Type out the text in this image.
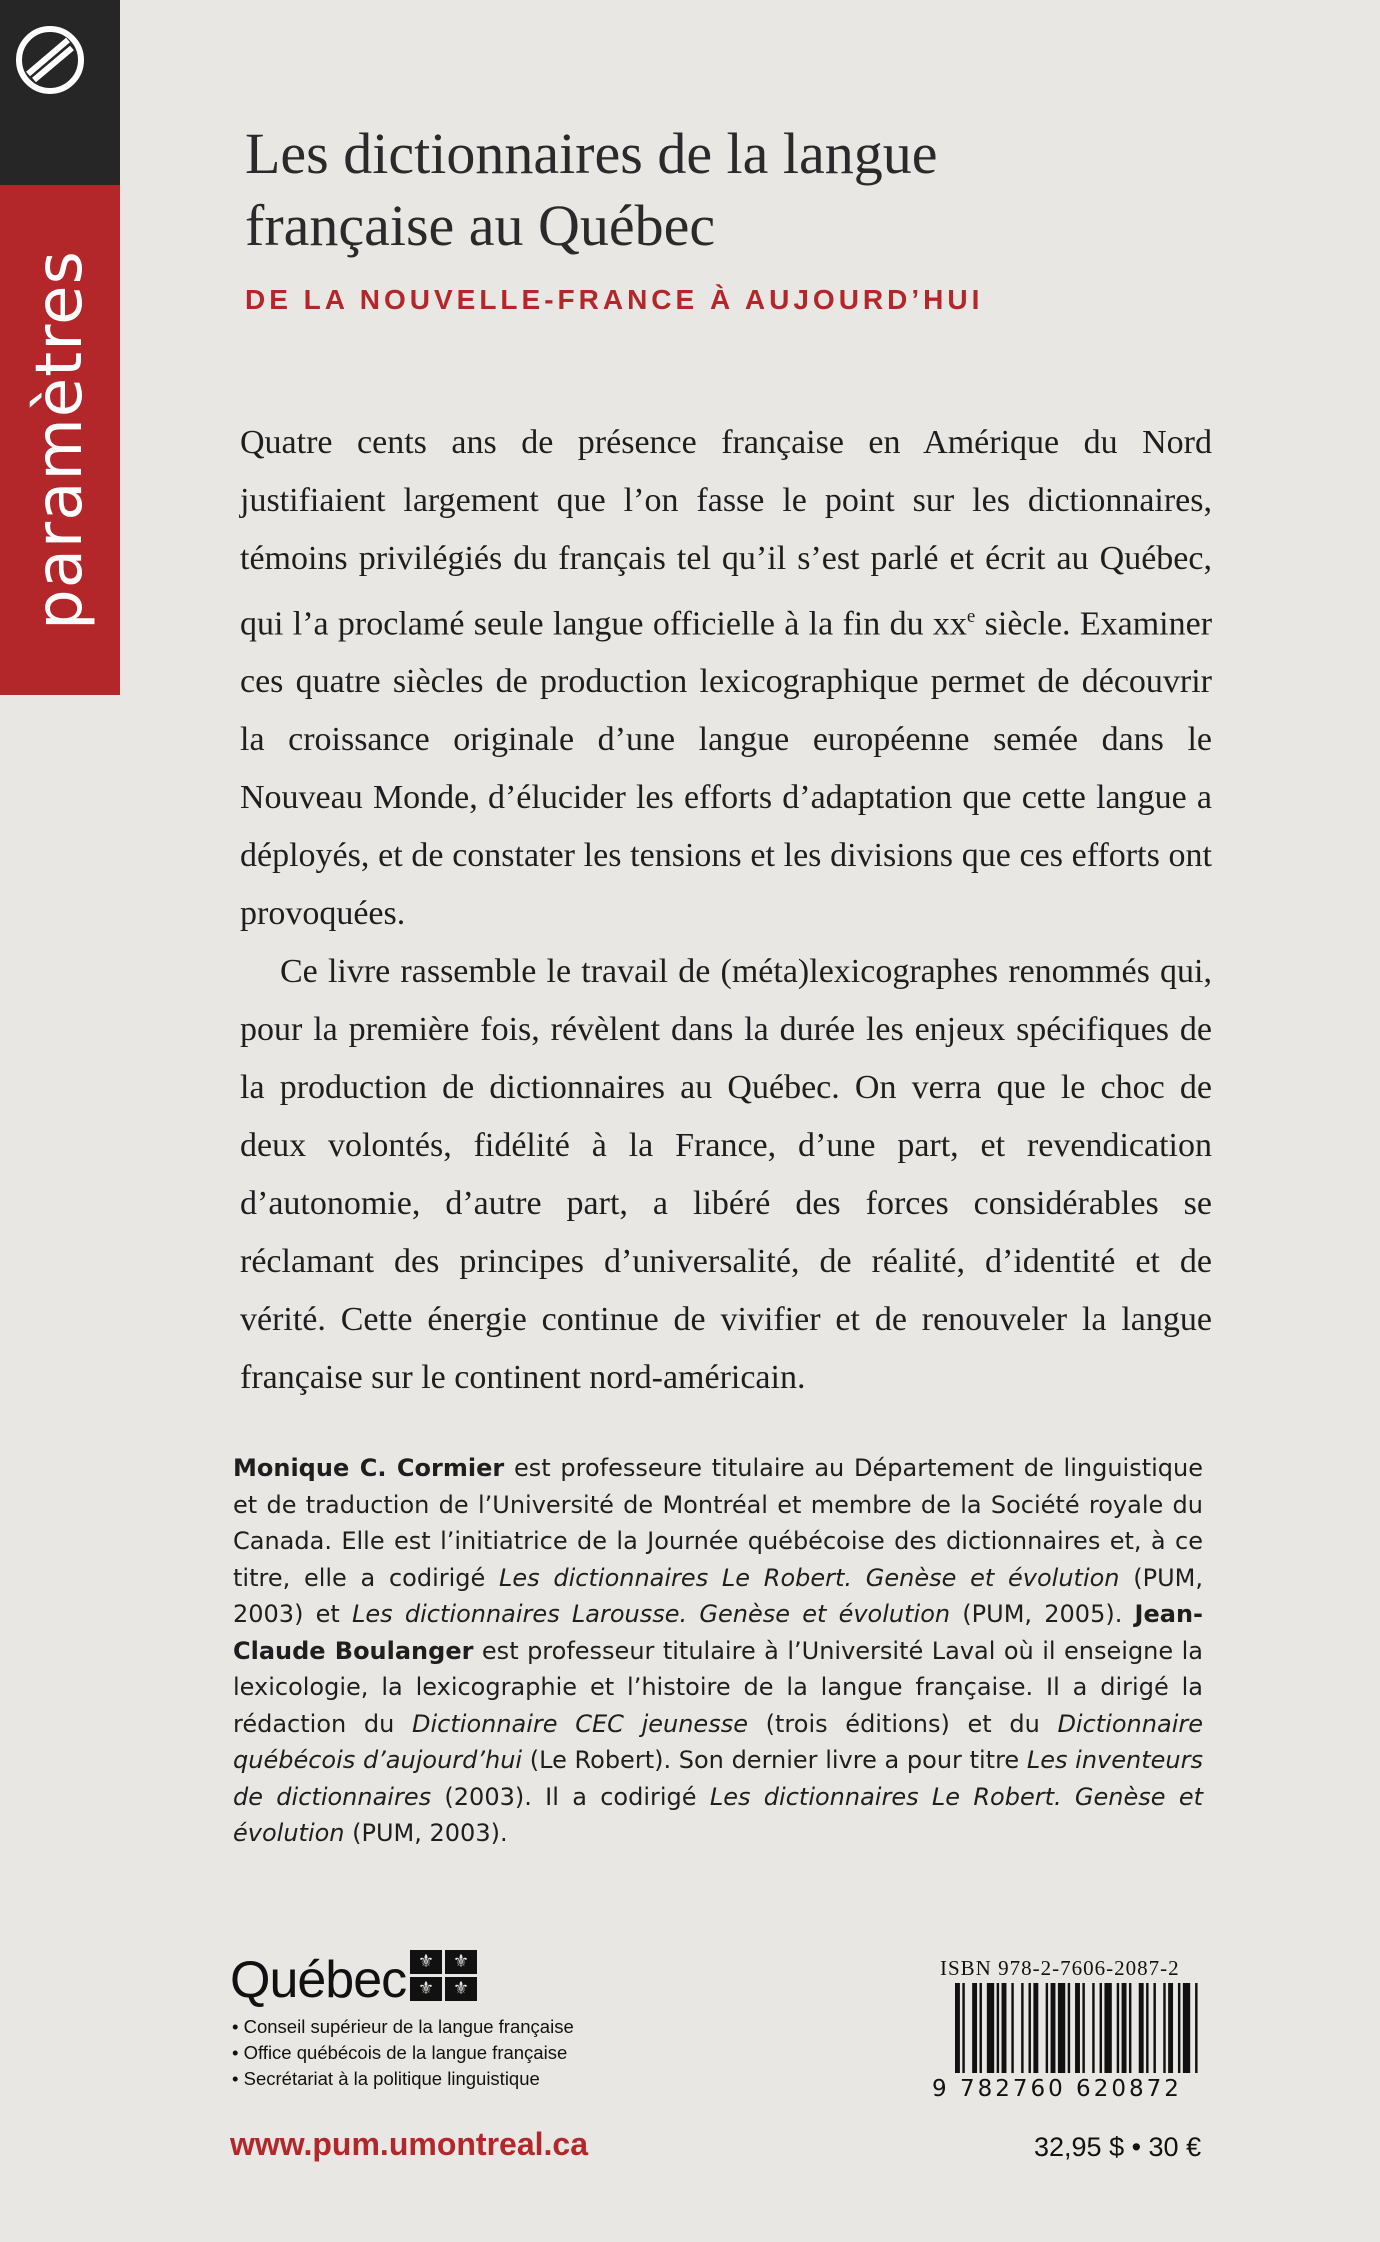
paramètres
Les dictionnaires de la langue française au Québec
DE LA NOUVELLE-FRANCE À AUJOURD’HUI

Quatre cents ans de présence française en Amérique du Nord justifiaient largement que l’on fasse le point sur les dictionnaires, témoins privilégiés du français tel qu’il s’est parlé et écrit au Québec, qui l’a proclamé seule langue officielle à la fin du $xx^e$ siècle. Examiner ces quatre siècles de production lexicographique permet de découvrir la croissance originale d’une langue européenne semée dans le Nouveau Monde, d’élucider les efforts d’adaptation que cette langue a déployés, et de constater les tensions et les divisions que ces efforts ont provoquées.

Ce livre rassemble le travail de (méta)lexicographes renommés qui, pour la première fois, révèlent dans la durée les enjeux spécifiques de la production de dictionnaires au Québec. On verra que le choc de deux volontés, fidélité à la France, d’une part, et revendication d’autonomie, d’autre part, a libéré des forces considérables se réclamant des principes d’universalité, de réalité, d’identité et de vérité. Cette énergie continue de vivifier et de renouveler la langue française sur le continent nord-américain.

Monique C. Cormier est professeure titulaire au Département de linguistique et de traduction de l’Université de Montréal et membre de la Société royale du Canada. Elle est l’initiatrice de la Journée québécoise des dictionnaires et, à ce titre, elle a codirigé Les dictionnaires Le Robert. Genèse et évolution (PUM, 2003) et Les dictionnaires Larousse. Genèse et évolution (PUM, 2005). Jean-Claude Boulanger est professeur titulaire à l’Université Laval où il enseigne la lexicologie, la lexicographie et l’histoire de la langue française. Il a dirigé la rédaction du Dictionnaire CEC jeunesse (trois éditions) et du Dictionnaire québécois d’aujourd’hui (Le Robert). Son dernier livre a pour titre Les inventeurs de dictionnaires (2003). Il a codirigé Les dictionnaires Le Robert. Genèse et évolution (PUM, 2003).

Québec ⚜	⚜
⚜	⚜
• Conseil supérieur de la langue française
• Office québécois de la langue française
• Secrétariat à la politique linguistique
www.pum.umontreal.ca
ISBN 978-2-7606-2087-2
9 782760 620872
32,95 $ • 30 €
